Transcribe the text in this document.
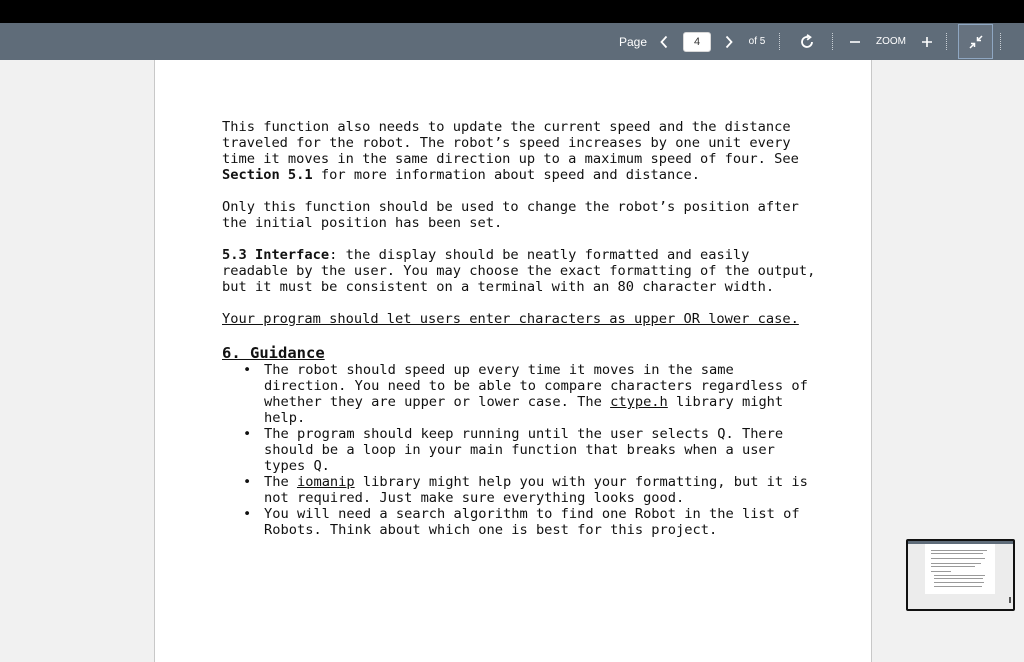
Page
4	of 5	ZOOM

This function also needs to update the current speed and the distance traveled for the robot. The robot’s speed increases by one unit every time it moves in the same direction up to a maximum speed of four. See Section 5.1 for more information about speed and distance.

Only this function should be used to change the robot’s position after the initial position has been set.

5.3 Interface: the display should be neatly formatted and easily readable by the user. You may choose the exact formatting of the output, but it must be consistent on a terminal with an 80 character width.

Your program should let users enter characters as upper OR lower case.

6. Guidance
• The robot should speed up every time it moves in the same direction. You need to be able to compare characters regardless of whether they are upper or lower case. The ctype.h library might help.
• The program should keep running until the user selects Q. There should be a loop in your main function that breaks when a user types Q.
• The iomanip library might help you with your formatting, but it is not required. Just make sure everything looks good.
• You will need a search algorithm to find one Robot in the list of Robots. Think about which one is best for this project.
